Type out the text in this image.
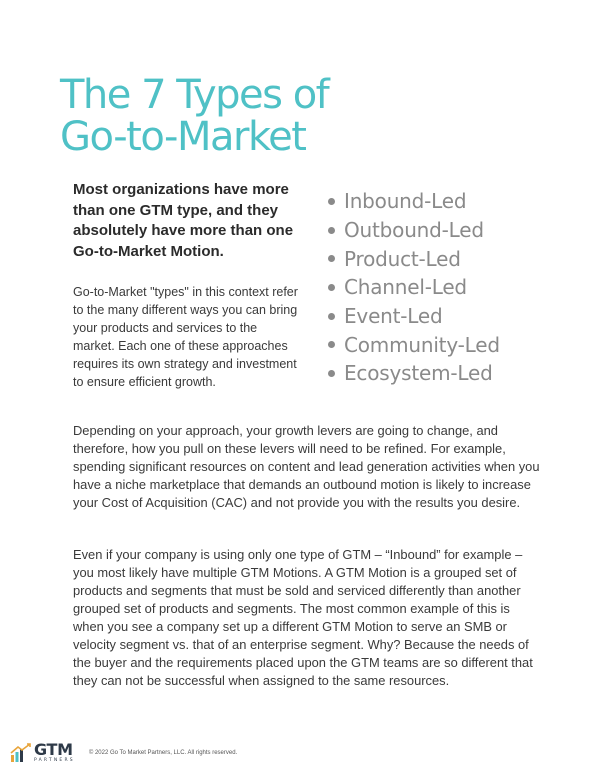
The 7 Types of
Go-to-Market

Most organizations have more than one GTM type, and they absolutely have more than one Go-to-Market Motion.

Go-to-Market "types" in this context refer to the many different ways you can bring your products and services to the market. Each one of these approaches requires its own strategy and investment to ensure efficient growth.

Inbound-Led
Outbound-Led
Product-Led
Channel-Led
Event-Led
Community-Led
Ecosystem-Led

Depending on your approach, your growth levers are going to change, and therefore, how you pull on these levers will need to be refined. For example, spending significant resources on content and lead generation activities when you have a niche marketplace that demands an outbound motion is likely to increase your Cost of Acquisition (CAC) and not provide you with the results you desire.

Even if your company is using only one type of GTM – “Inbound” for example – you most likely have multiple GTM Motions. A GTM Motion is a grouped set of products and segments that must be sold and serviced differently than another grouped set of products and segments. The most common example of this is when you see a company set up a different GTM Motion to serve an SMB or velocity segment vs. that of an enterprise segment. Why? Because the needs of the buyer and the requirements placed upon the GTM teams are so different that they can not be successful when assigned to the same resources.

GTM
PARTNERS
© 2022 Go To Market Partners, LLC. All rights reserved.
